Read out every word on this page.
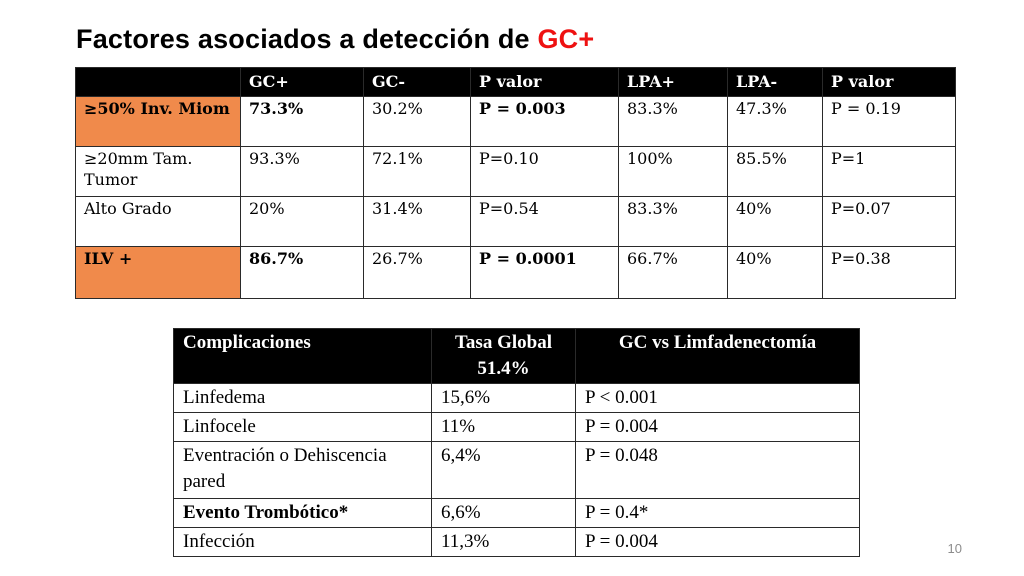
Factores asociados a detección de GC+
	GC+	GC-	P valor	LPA+	LPA-	P valor
≥50% Inv. Miom	73.3%	30.2%	P = 0.003	83.3%	47.3%	P = 0.19
≥20mm Tam. Tumor	93.3%	72.1%	P=0.10	100%	85.5%	P=1
Alto Grado	20%	31.4%	P=0.54	83.3%	40%	P=0.07
ILV +	86.7%	26.7%	P = 0.0001	66.7%	40%	P=0.38
Complicaciones	Tasa Global 51.4%	GC vs Limfadenectomía
Linfedema	15,6%	P < 0.001
Linfocele	11%	P = 0.004
Eventración o Dehiscencia pared	6,4%	P = 0.048
Evento Trombótico*	6,6%	P = 0.4*
Infección	11,3%	P = 0.004	10
